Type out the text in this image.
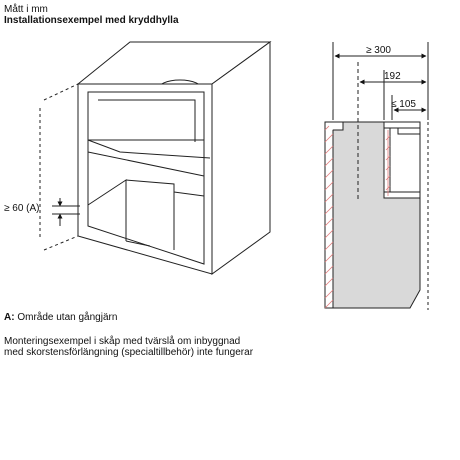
Mått i mm
Installationsexempel med kryddhylla
≥ 60 (A)
≥ 300
192
≤ 105
A: Område utan gångjärn
Monteringsexempel i skåp med tvärslå om inbyggnad
med skorstensförlängning (specialtillbehör) inte fungerar
